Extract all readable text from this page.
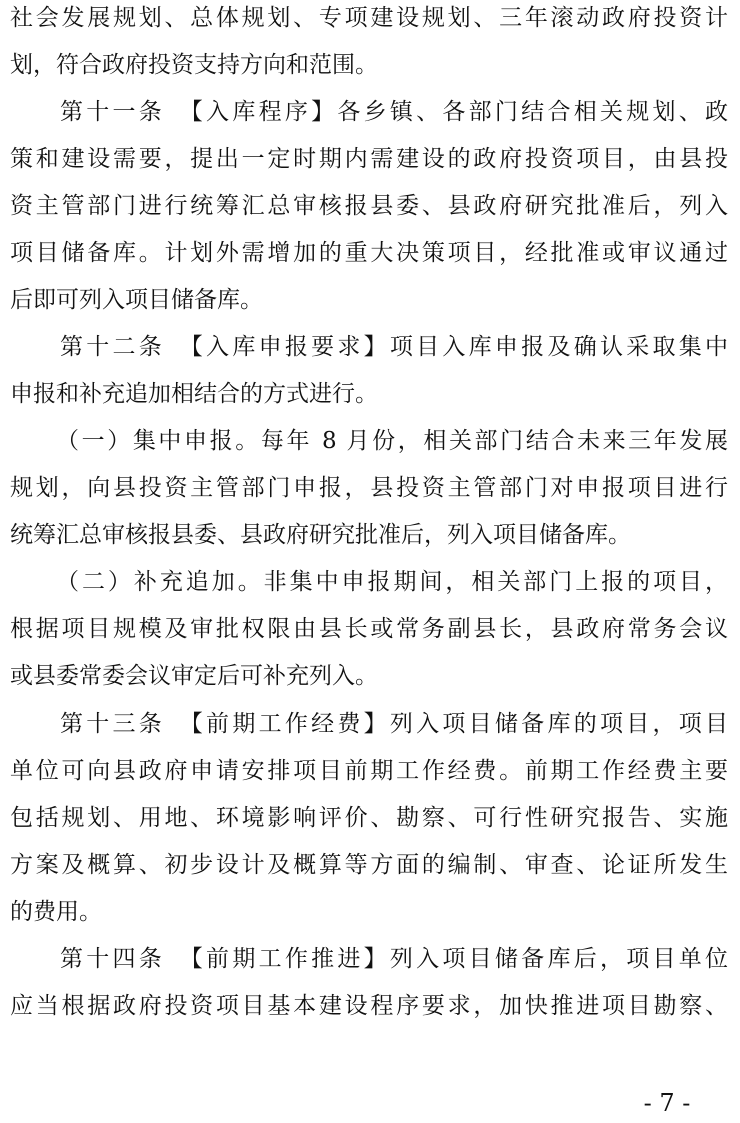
社会发展规划、总体规划、专项建设规划、三年滚动政府投资计
划，符合政府投资支持方向和范围。
第十一条　【入库程序】各乡镇、各部门结合相关规划、政
策和建设需要，提出一定时期内需建设的政府投资项目，由县投
资主管部门进行统筹汇总审核报县委、县政府研究批准后，列入
项目储备库。计划外需增加的重大决策项目，经批准或审议通过
后即可列入项目储备库。
第十二条　【入库申报要求】项目入库申报及确认采取集中
申报和补充追加相结合的方式进行。
（一）集中申报。每年 8 月份，相关部门结合未来三年发展
规划，向县投资主管部门申报，县投资主管部门对申报项目进行
统筹汇总审核报县委、县政府研究批准后，列入项目储备库。
（二）补充追加。非集中申报期间，相关部门上报的项目，
根据项目规模及审批权限由县长或常务副县长，县政府常务会议
或县委常委会议审定后可补充列入。
第十三条　【前期工作经费】列入项目储备库的项目，项目
单位可向县政府申请安排项目前期工作经费。前期工作经费主要
包括规划、用地、环境影响评价、勘察、可行性研究报告、实施
方案及概算、初步设计及概算等方面的编制、审查、论证所发生
的费用。
第十四条　【前期工作推进】列入项目储备库后，项目单位
应当根据政府投资项目基本建设程序要求，加快推进项目勘察、
- 7 -
